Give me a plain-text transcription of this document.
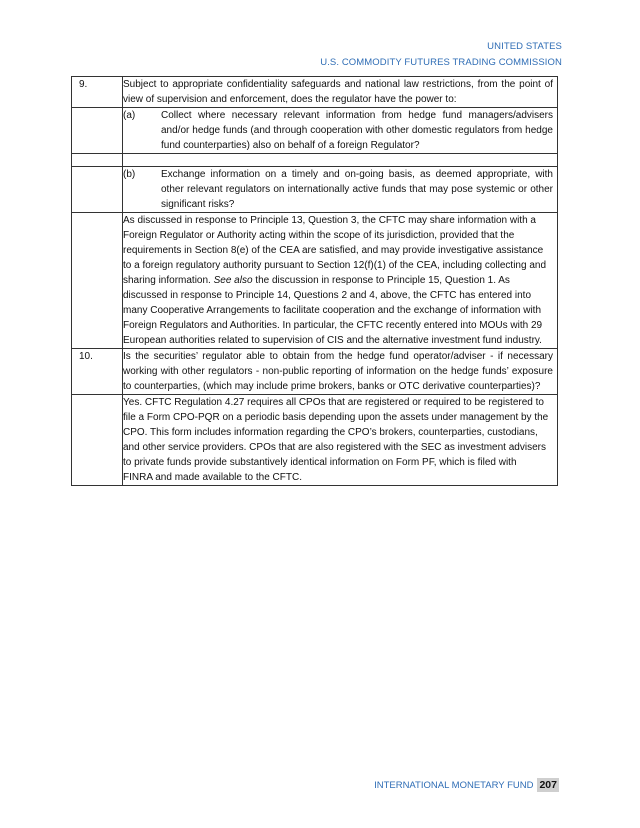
UNITED STATES
U.S. COMMODITY FUTURES TRADING COMMISSION
9.	Subject to appropriate confidentiality safeguards and national law restrictions, from the point of view of supervision and enforcement, does the regulator have the power to:

	(a) Collect where necessary relevant information from hedge fund managers/advisers and/or hedge funds (and through cooperation with other domestic regulators from hedge fund counterparties) also on behalf of a foreign Regulator?

	(b) Exchange information on a timely and on-going basis, as deemed appropriate, with other relevant regulators on internationally active funds that may pose systemic or other significant risks?

	As discussed in response to Principle 13, Question 3, the CFTC may share information with a Foreign Regulator or Authority acting within the scope of its jurisdiction, provided that the requirements in Section 8(e) of the CEA are satisfied, and may provide investigative assistance to a foreign regulatory authority pursuant to Section 12(f)(1) of the CEA, including collecting and sharing information. See also the discussion in response to Principle 15, Question 1. As discussed in response to Principle 14, Questions 2 and 4, above, the CFTC has entered into many Cooperative Arrangements to facilitate cooperation and the exchange of information with Foreign Regulators and Authorities. In particular, the CFTC recently entered into MOUs with 29 European authorities related to supervision of CIS and the alternative investment fund industry.
10.	Is the securities’ regulator able to obtain from the hedge fund operator/adviser - if necessary working with other regulators - non-public reporting of information on the hedge funds’ exposure to counterparties, (which may include prime brokers, banks or OTC derivative counterparties)?
	Yes. CFTC Regulation 4.27 requires all CPOs that are registered or required to be registered to file a Form CPO-PQR on a periodic basis depending upon the assets under management by the CPO. This form includes information regarding the CPO’s brokers, counterparties, custodians, and other service providers. CPOs that are also registered with the SEC as investment advisers to private funds provide substantively identical information on Form PF, which is filed with FINRA and made available to the CFTC.
INTERNATIONAL MONETARY FUND 207
